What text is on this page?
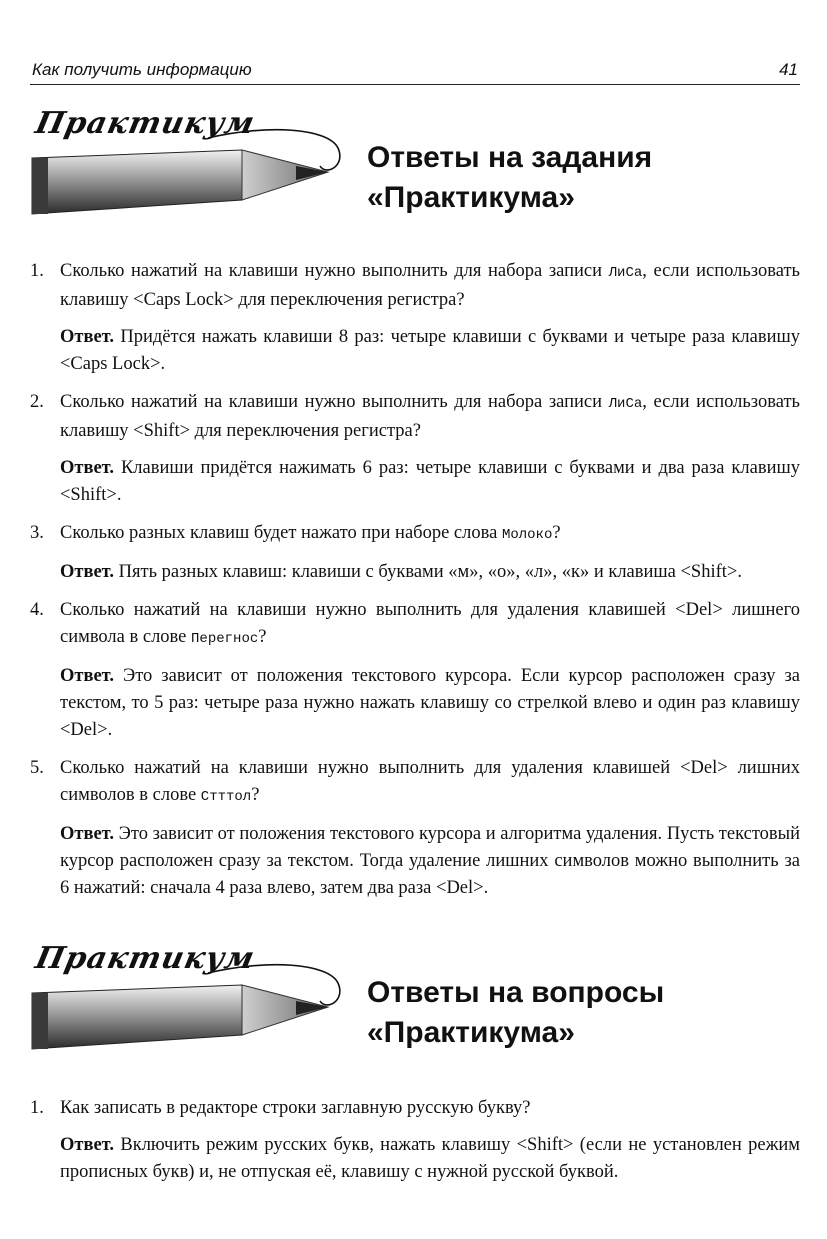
Как получить информацию	41
Практикум
Ответы на задания
«Практикума»
1. Сколько нажатий на клавиши нужно выполнить для набора записи ЛиСа, если использовать клавишу <Caps Lock> для переключения регистра?
Ответ. Придётся нажать клавиши 8 раз: четыре клавиши с буквами и четыре раза клавишу <Caps Lock>.
2. Сколько нажатий на клавиши нужно выполнить для набора записи ЛиСа, если использовать клавишу <Shift> для переключения регистра?
Ответ. Клавиши придётся нажимать 6 раз: четыре клавиши с буквами и два раза клавишу <Shift>.
3. Сколько разных клавиш будет нажато при наборе слова Молоко?
Ответ. Пять разных клавиш: клавиши с буквами «м», «о», «л», «к» и клавиша <Shift>.
4. Сколько нажатий на клавиши нужно выполнить для удаления клавишей <Del> лишнего символа в слове Перегнос?
Ответ. Это зависит от положения текстового курсора. Если курсор расположен сразу за текстом, то 5 раз: четыре раза нужно нажать клавишу со стрелкой влево и один раз клавишу <Del>.
5. Сколько нажатий на клавиши нужно выполнить для удаления клавишей <Del> лишних символов в слове Стттол?
Ответ. Это зависит от положения текстового курсора и алгоритма удаления. Пусть текстовый курсор расположен сразу за текстом. Тогда удаление лишних символов можно выполнить за 6 нажатий: сначала 4 раза влево, затем два раза <Del>.
Практикум
Ответы на вопросы
«Практикума»
1. Как записать в редакторе строки заглавную русскую букву?
Ответ. Включить режим русских букв, нажать клавишу <Shift> (если не установлен режим прописных букв) и, не отпуская её, клавишу с нужной русской буквой.
